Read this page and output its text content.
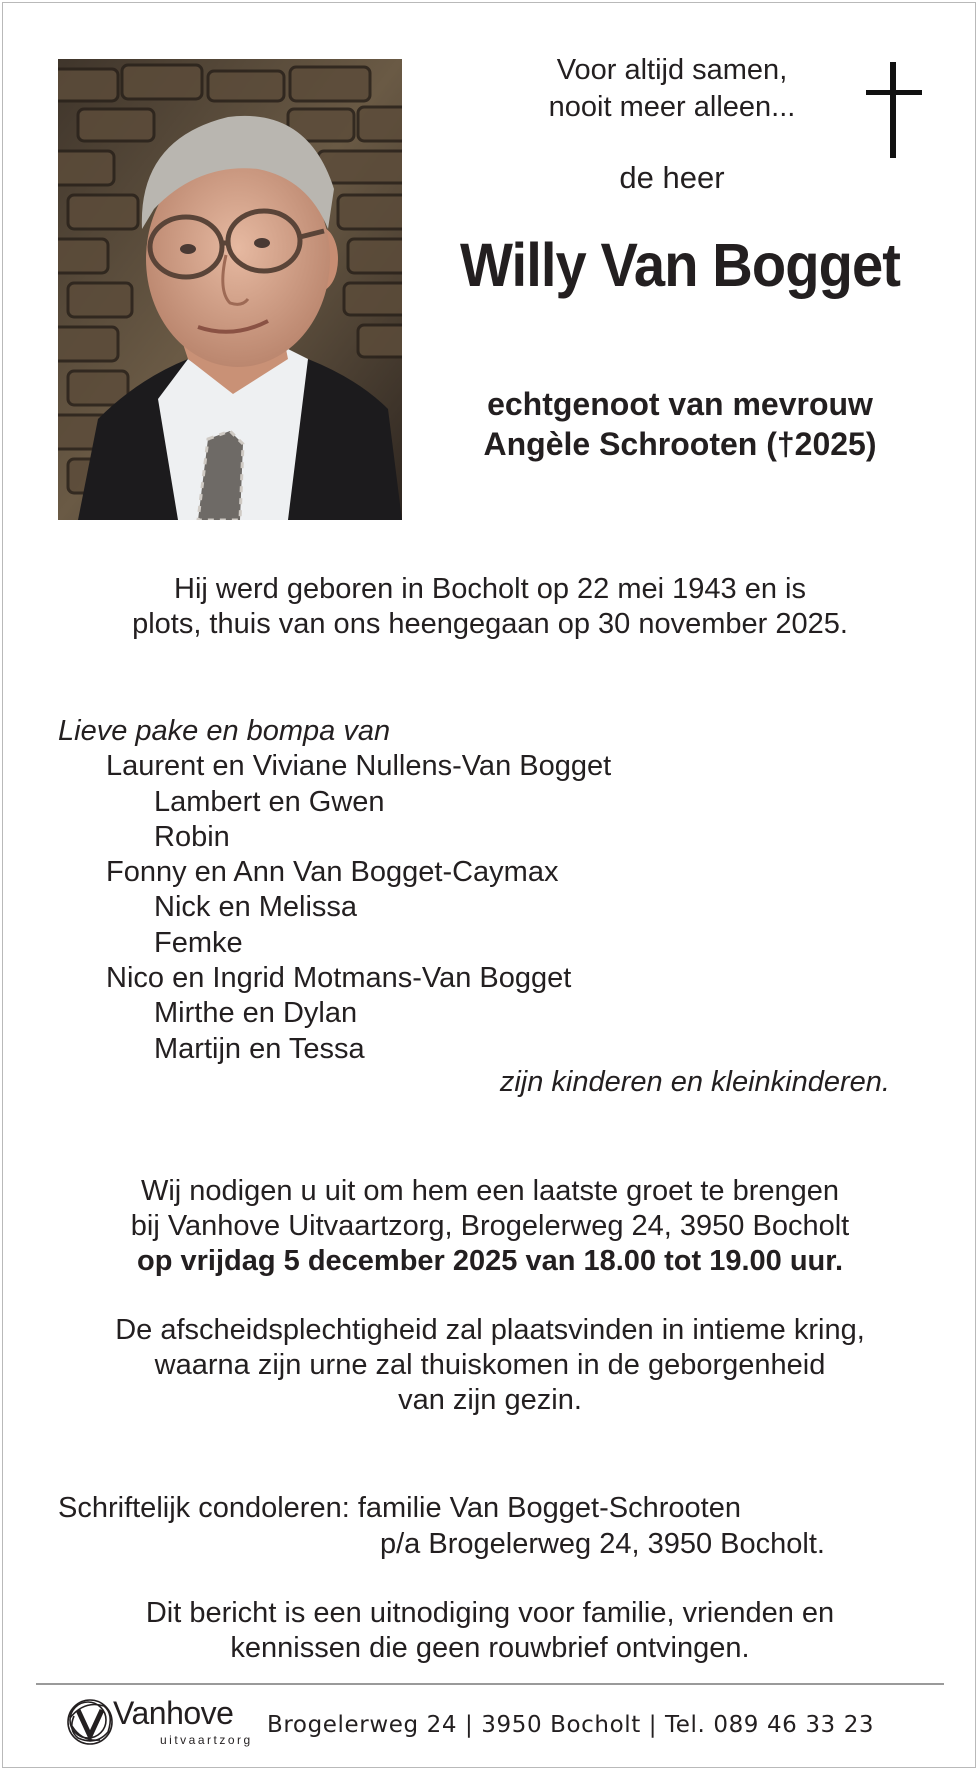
Voor altijd samen,
nooit meer alleen...
de heer
Willy Van Bogget
echtgenoot van mevrouw
Angèle Schrooten (†2025)
Hij werd geboren in Bocholt op 22 mei 1943 en is
plots, thuis van ons heengegaan op 30 november 2025.
Lieve pake en bompa van
Laurent en Viviane Nullens-Van Bogget
Lambert en Gwen
Robin
Fonny en Ann Van Bogget-Caymax
Nick en Melissa
Femke
Nico en Ingrid Motmans-Van Bogget
Mirthe en Dylan
Martijn en Tessa
zijn kinderen en kleinkinderen.
Wij nodigen u uit om hem een laatste groet te brengen
bij Vanhove Uitvaartzorg, Brogelerweg 24, 3950 Bocholt
op vrijdag 5 december 2025 van 18.00 tot 19.00 uur.
De afscheidsplechtigheid zal plaatsvinden in intieme kring,
waarna zijn urne zal thuiskomen in de geborgenheid
van zijn gezin.
Schriftelijk condoleren: familie Van Bogget-Schrooten
p/a Brogelerweg 24, 3950 Bocholt.
Dit bericht is een uitnodiging voor familie, vrienden en
kennissen die geen rouwbrief ontvingen.
Vanhove
uitvaartzorg
Brogelerweg 24 | 3950 Bocholt | Tel. 089 46 33 23
